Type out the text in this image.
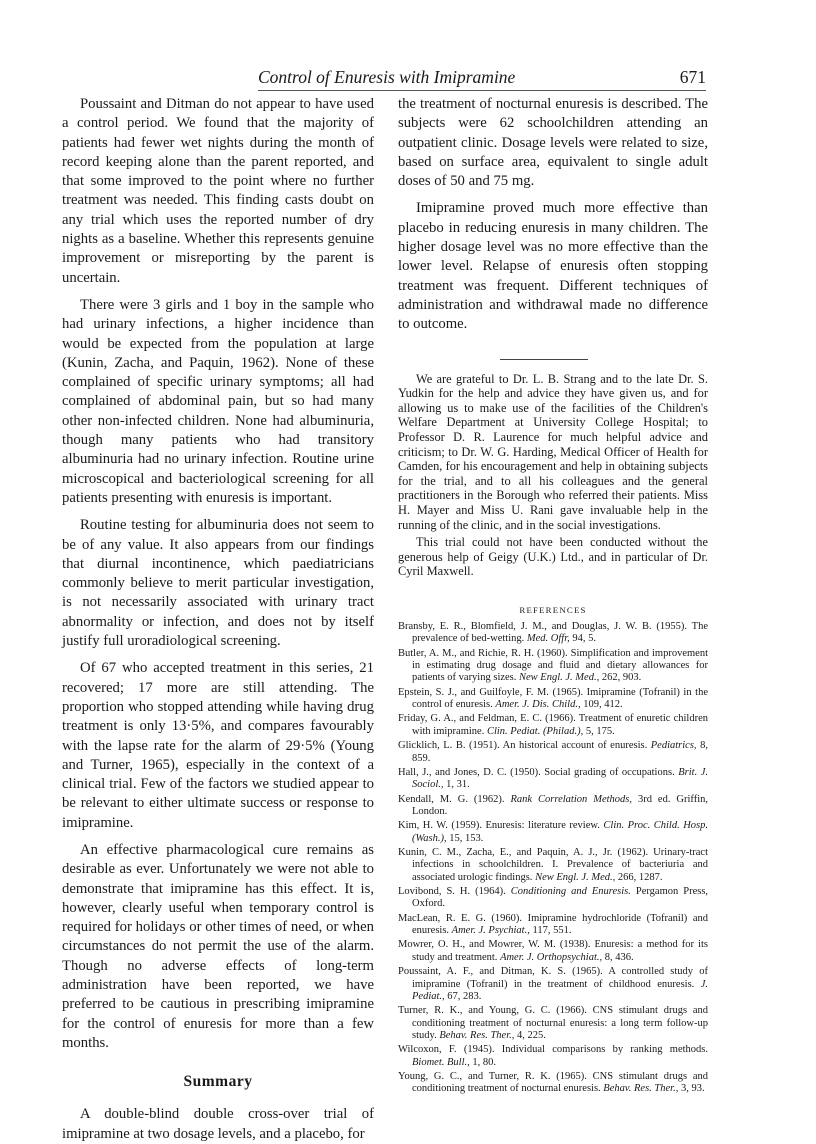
Control of Enuresis with Imipramine	671

Poussaint and Ditman do not appear to have used a control period. We found that the majority of patients had fewer wet nights during the month of record keeping alone than the parent reported, and that some improved to the point where no further treatment was needed. This finding casts doubt on any trial which uses the reported number of dry nights as a baseline. Whether this represents genuine improvement or misreporting by the parent is uncertain.

There were 3 girls and 1 boy in the sample who had urinary infections, a higher incidence than would be expected from the population at large (Kunin, Zacha, and Paquin, 1962). None of these complained of specific urinary symptoms; all had complained of abdominal pain, but so had many other non-infected children. None had albuminuria, though many patients who had transitory albuminuria had no urinary infection. Routine urine microscopical and bacteriological screening for all patients presenting with enuresis is important.

Routine testing for albuminuria does not seem to be of any value. It also appears from our findings that diurnal incontinence, which paediatricians commonly believe to merit particular investigation, is not necessarily associated with urinary tract abnormality or infection, and does not by itself justify full uroradiological screening.

Of 67 who accepted treatment in this series, 21 recovered; 17 more are still attending. The proportion who stopped attending while having drug treatment is only 13·5%, and compares favourably with the lapse rate for the alarm of 29·5% (Young and Turner, 1965), especially in the context of a clinical trial. Few of the factors we studied appear to be relevant to either ultimate success or response to imipramine.

An effective pharmacological cure remains as desirable as ever. Unfortunately we were not able to demonstrate that imipramine has this effect. It is, however, clearly useful when temporary control is required for holidays or other times of need, or when circumstances do not permit the use of the alarm. Though no adverse effects of long-term administration have been reported, we have preferred to be cautious in prescribing imipramine for the control of enuresis for more than a few months.

Summary

A double-blind double cross-over trial of imipramine at two dosage levels, and a placebo, for

the treatment of nocturnal enuresis is described. The subjects were 62 schoolchildren attending an outpatient clinic. Dosage levels were related to size, based on surface area, equivalent to single adult doses of 50 and 75 mg.

Imipramine proved much more effective than placebo in reducing enuresis in many children. The higher dosage level was no more effective than the lower level. Relapse of enuresis often stopping treatment was frequent. Different techniques of administration and withdrawal made no difference to outcome.

We are grateful to Dr. L. B. Strang and to the late Dr. S. Yudkin for the help and advice they have given us, and for allowing us to make use of the facilities of the Children's Welfare Department at University College Hospital; to Professor D. R. Laurence for much helpful advice and criticism; to Dr. W. G. Harding, Medical Officer of Health for Camden, for his encouragement and help in obtaining subjects for the trial, and to all his colleagues and the general practitioners in the Borough who referred their patients. Miss H. Mayer and Miss U. Rani gave invaluable help in the running of the clinic, and in the social investigations.

This trial could not have been conducted without the generous help of Geigy (U.K.) Ltd., and in particular of Dr. Cyril Maxwell.

REFERENCES
Bransby, E. R., Blomfield, J. M., and Douglas, J. W. B. (1955). The prevalence of bed-wetting. Med. Offr, 94, 5.
Butler, A. M., and Richie, R. H. (1960). Simplification and improvement in estimating drug dosage and fluid and dietary allowances for patients of varying sizes. New Engl. J. Med., 262, 903.
Epstein, S. J., and Guilfoyle, F. M. (1965). Imipramine (Tofranil) in the control of enuresis. Amer. J. Dis. Child., 109, 412.
Friday, G. A., and Feldman, E. C. (1966). Treatment of enuretic children with imipramine. Clin. Pediat. (Philad.), 5, 175.
Glicklich, L. B. (1951). An historical account of enuresis. Pediatrics, 8, 859.
Hall, J., and Jones, D. C. (1950). Social grading of occupations. Brit. J. Sociol., 1, 31.
Kendall, M. G. (1962). Rank Correlation Methods, 3rd ed. Griffin, London.
Kim, H. W. (1959). Enuresis: literature review. Clin. Proc. Child. Hosp. (Wash.), 15, 153.
Kunin, C. M., Zacha, E., and Paquin, A. J., Jr. (1962). Urinary-tract infections in schoolchildren. I. Prevalence of bacteriuria and associated urologic findings. New Engl. J. Med., 266, 1287.
Lovibond, S. H. (1964). Conditioning and Enuresis. Pergamon Press, Oxford.
MacLean, R. E. G. (1960). Imipramine hydrochloride (Tofranil) and enuresis. Amer. J. Psychiat., 117, 551.
Mowrer, O. H., and Mowrer, W. M. (1938). Enuresis: a method for its study and treatment. Amer. J. Orthopsychiat., 8, 436.
Poussaint, A. F., and Ditman, K. S. (1965). A controlled study of imipramine (Tofranil) in the treatment of childhood enuresis. J. Pediat., 67, 283.
Turner, R. K., and Young, G. C. (1966). CNS stimulant drugs and conditioning treatment of nocturnal enuresis: a long term follow-up study. Behav. Res. Ther., 4, 225.
Wilcoxon, F. (1945). Individual comparisons by ranking methods. Biomet. Bull., 1, 80.
Young, G. C., and Turner, R. K. (1965). CNS stimulant drugs and conditioning treatment of nocturnal enuresis. Behav. Res. Ther., 3, 93.
